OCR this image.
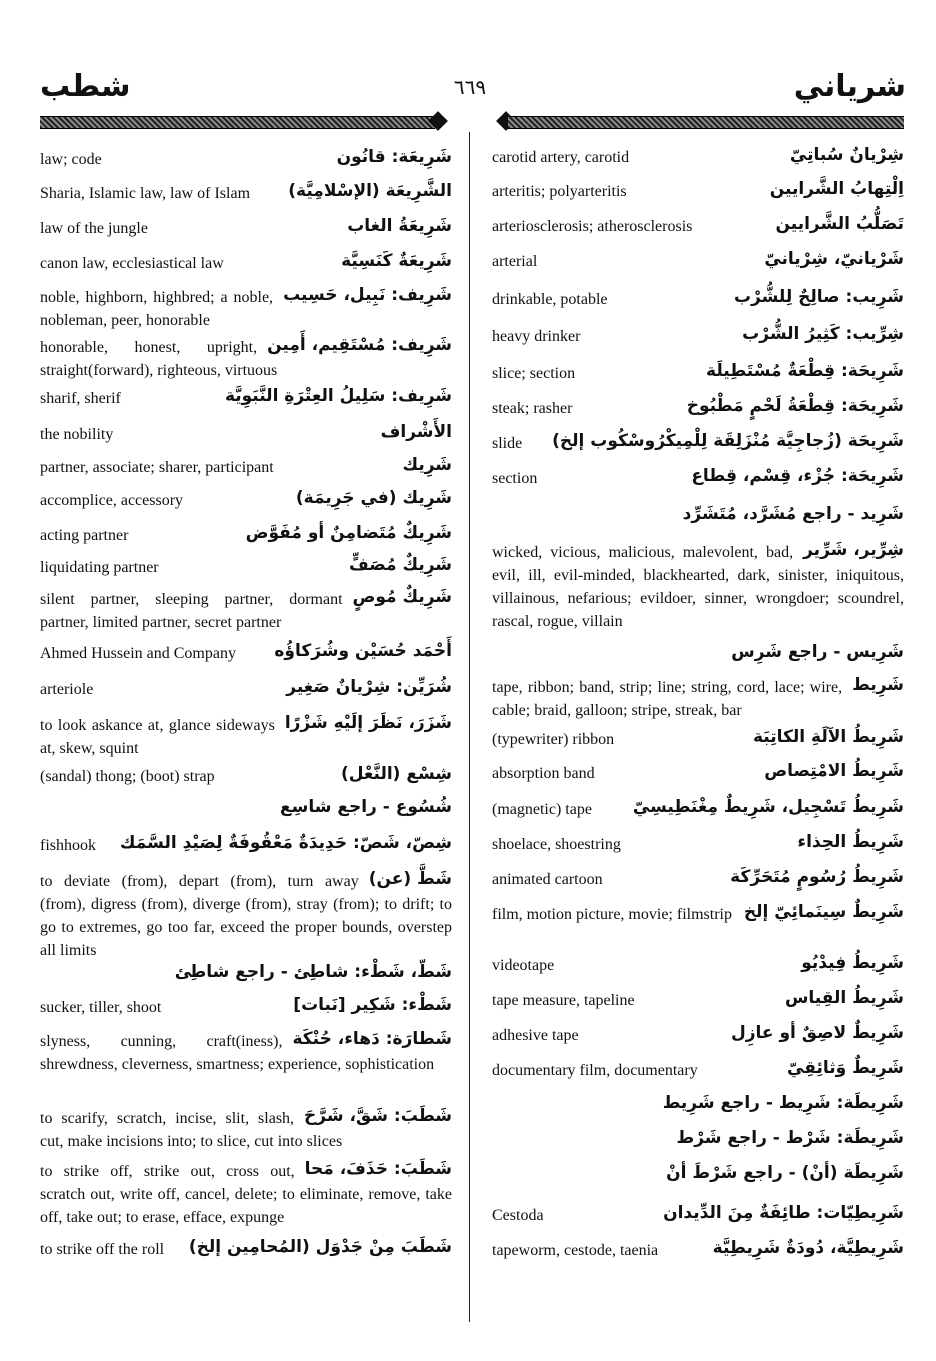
شرياني
٦٦٩
شطب
شَرِيعَة: قانُون
law; code
الشَّرِيعَة (الإسْلامِيَّة)
Sharia, Islamic law, law of Islam
شَرِيعَةُ الغاب
law of the jungle
شَرِيعَةٌ كَنَسِيَّة
canon law, ecclesiastical law
شَرِيف: نَبِيل، حَسِيب
noble, highborn, highbred; a noble, nobleman, peer, honorable
شَرِيف: مُسْتَقِيم، أَمِين
honorable, honest, upright, straight(forward), righteous, virtuous
شَرِيف: سَلِيلُ العِتْرَةِ النَّبَوِيَّة
sharif, sherif
الأَشْراف
the nobility
شَرِيك
partner, associate; sharer, participant
شَرِيك (في جَرِيمَة)
accomplice, accessory
شَرِيكٌ مُتَضامِنٌ أو مُفَوَّض
acting partner
شَرِيكٌ مُصَفٍّ
liquidating partner
شَرِيكٌ مُوصٍ
silent partner, sleeping partner, dormant partner, limited partner, secret partner
أَحْمَد حُسَيْن وشُرَكاؤُه
Ahmed Hussein and Company
شُرَيِّن: شِرْيانٌ صَغِير
arteriole
شَزَرَ، نَظَرَ إلَيْهِ شَزْرًا
to look askance at, glance sideways at, skew, squint
شِسْع (النَّعْل)
(sandal) thong; (boot) strap
شُسُوع - راجع شاسِع
شِصّ، شَصّ: حَدِيدَةٌ مَعْقُوفَةٌ لِصَيْدِ السَّمَك
fishhook
شَطَّ (عن)
to deviate (from), depart (from), turn away (from), digress (from), diverge (from), stray (from); to drift; to go to extremes, go too far, exceed the proper bounds, overstep all limits
شَطّ، شَطْء: شاطِئ - راجع شاطِئ
شَطْء: شَكِير [نَبات]
sucker, tiller, shoot
شَطارَة: دَهاء، حُنْكَة
slyness, cunning, craft(iness), shrewdness, cleverness, smartness; experience, sophistication
شَطَبَ: شَقَّ، شَرَّحَ
to scarify, scratch, incise, slit, slash, cut, make incisions into; to slice, cut into slices
شَطَبَ: حَذَفَ، مَحا
to strike off, strike out, cross out, scratch out, write off, cancel, delete; to eliminate, remove, take off, take out; to erase, efface, expunge
شَطَبَ مِنْ جَدْوَل (المُحامِين إلخ)
to strike off the roll
شِرْيانٌ سُباتِيّ
carotid artery, carotid
اِلْتِهابُ الشَّرايين
arteritis; polyarteritis
تَصَلُّبُ الشَّرايين
arteriosclerosis; atherosclerosis
شَرْيانيّ، شِرْيانيّ
arterial
شَرِيب: صالِحٌ لِلشُّرْب
drinkable, potable
شِرِّيب: كَثِيرُ الشُّرْب
heavy drinker
شَرِيحَة: قِطْعَةٌ مُسْتَطِيلَة
slice; section
شَرِيحَة: قِطْعَةُ لَحْمٍ مَطْبُوخ
steak; rasher
شَرِيحَة (زُجاجِيَّة مُنْزَلِقَة لِلْمِيكْرُوسْكُوب إلخ)
slide
شَرِيحَة: جُزْء، قِسْم، قِطاع
section
شَرِيد - راجع مُشَرَّد، مُتَشَرِّد
شِرِّير، شَرِّير
wicked, vicious, malicious, malevolent, bad, evil, ill, evil-minded, blackhearted, dark, sinister, iniquitous, villainous, nefarious; evildoer, sinner, wrongdoer; scoundrel, rascal, rogue, villain
شَرِيس - راجع شَرِس
شَرِيط
tape, ribbon; band, strip; line; string, cord, lace; wire, cable; braid, galloon; stripe, streak, bar
شَرِيطُ الآلَةِ الكاتِبَة
(typewriter) ribbon
شَرِيطُ الامْتِصاص
absorption band
شَرِيطُ تَسْجِيل، شَرِيطٌ مِغْنَطِيسِيّ
(magnetic) tape
شَرِيطُ الحِذاء
shoelace, shoestring
شَرِيطُ رُسُومٍ مُتَحَرِّكَة
animated cartoon
شَرِيطٌ سِينَمائِيّ إلخ
film, motion picture, movie; filmstrip
شَرِيطُ فِيدْيُو
videotape
شَرِيطُ القِياس
tape measure, tapeline
شَرِيطٌ لاصِقٌ أو عازِل
adhesive tape
شَرِيطٌ وَثائِقِيّ
documentary film, documentary
شَرِيطَة: شَرِيط - راجع شَرِيط
شَرِيطَة: شَرْط - راجع شَرْط
شَرِيطَة (أنْ) - راجع شَرْطَ أنْ
شَرِيطِيّات: طائِفَةٌ مِنَ الدِّيدان
Cestoda
شَرِيطِيَّة، دُودَةٌ شَرِيطِيَّة
tapeworm, cestode, taenia
